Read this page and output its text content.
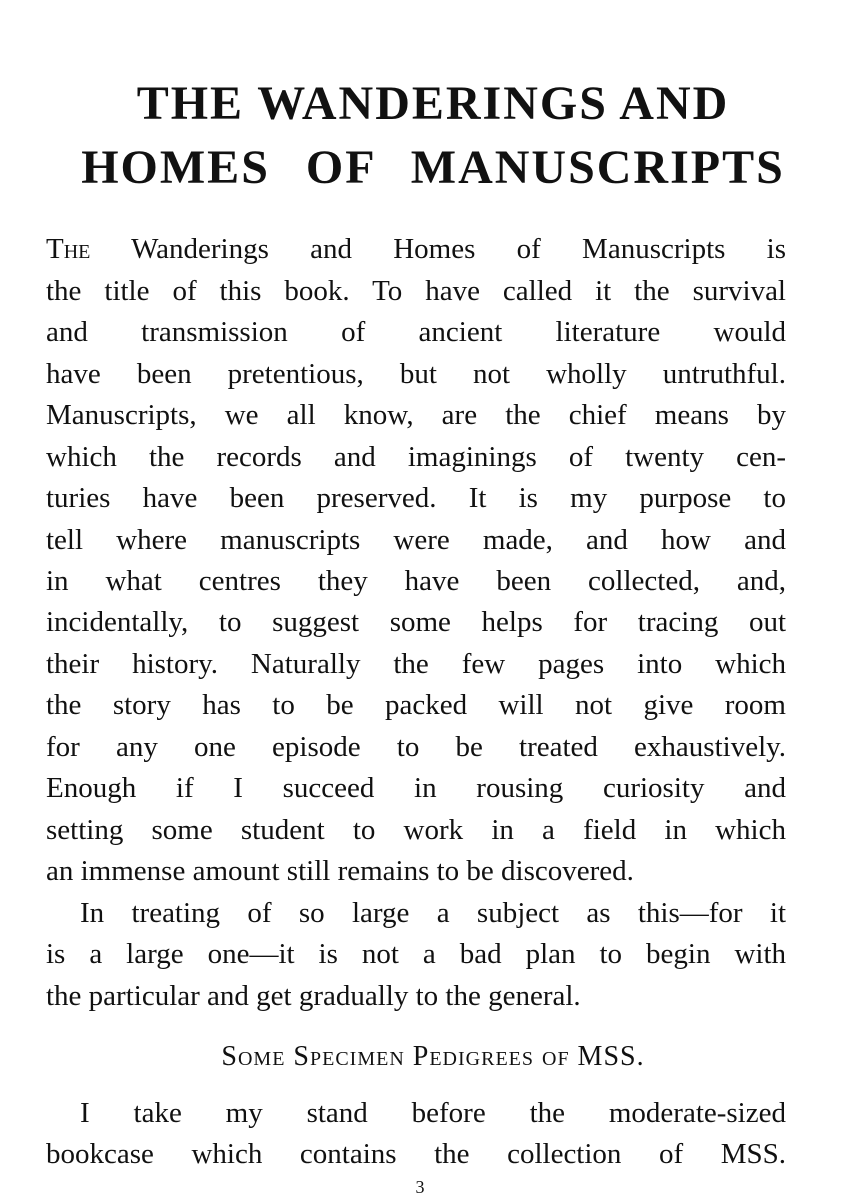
THE WANDERINGS AND
HOMES OF MANUSCRIPTS
The Wanderings and Homes of Manuscripts is
the title of this book. To have called it the survival
and transmission of ancient literature would
have been pretentious, but not wholly untruthful.
Manuscripts, we all know, are the chief means by
which the records and imaginings of twenty cen-
turies have been preserved. It is my purpose to
tell where manuscripts were made, and how and
in what centres they have been collected, and,
incidentally, to suggest some helps for tracing out
their history. Naturally the few pages into which
the story has to be packed will not give room
for any one episode to be treated exhaustively.
Enough if I succeed in rousing curiosity and
setting some student to work in a field in which
an immense amount still remains to be discovered.
In treating of so large a subject as this—for it
is a large one—it is not a bad plan to begin with
the particular and get gradually to the general.
Some Specimen Pedigrees of MSS.
I take my stand before the moderate-sized
bookcase which contains the collection of MSS.
3
